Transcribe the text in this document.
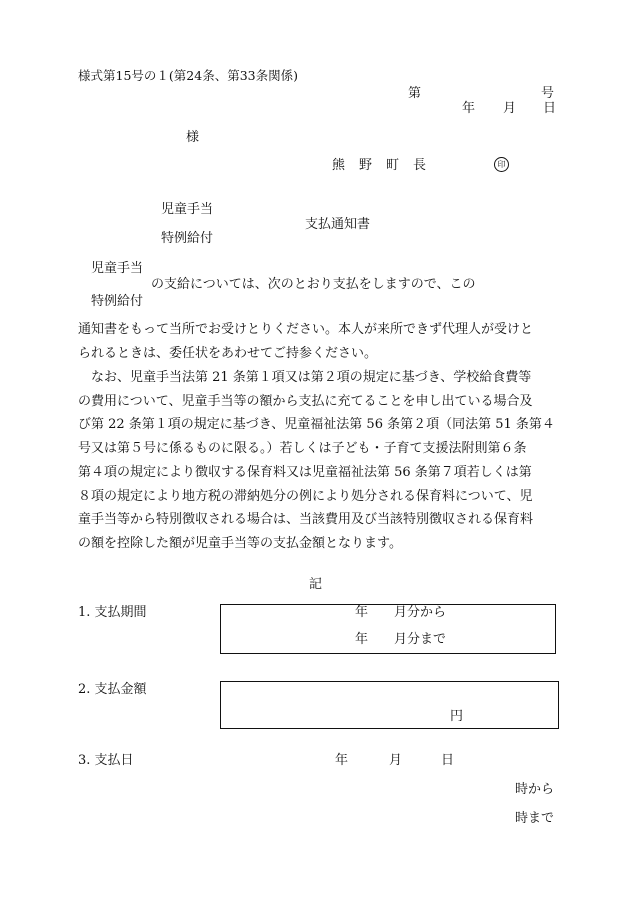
様式第15号の１(第24条、第33条関係)
第	号
年 月 日
様
熊野町長	印
児童手当
特例給付
支払通知書
児童手当
特例給付
の支給については、次のとおり支払をしますので、この
通知書をもって当所でお受けとりください。本人が来所できず代理人が受けと
られるときは、委任状をあわせてご持参ください。
　なお、児童手当法第 21 条第１項又は第２項の規定に基づき、学校給食費等
の費用について、児童手当等の額から支払に充てることを申し出ている場合及
び第 22 条第１項の規定に基づき、児童福祉法第 56 条第２項（同法第 51 条第４
号又は第５号に係るものに限る。）若しくは子ども・子育て支援法附則第６条
第４項の規定により徴収する保育料又は児童福祉法第 56 条第７項若しくは第
８項の規定により地方税の滞納処分の例により処分される保育料について、児
童手当等から特別徴収される場合は、当該費用及び当該特別徴収される保育料
の額を控除した額が児童手当等の支払金額となります。
記
1. 支払期間	年　　月分から
年　　月分まで
2. 支払金額
円
3. 支払日	年	月	日
時から
時まで
